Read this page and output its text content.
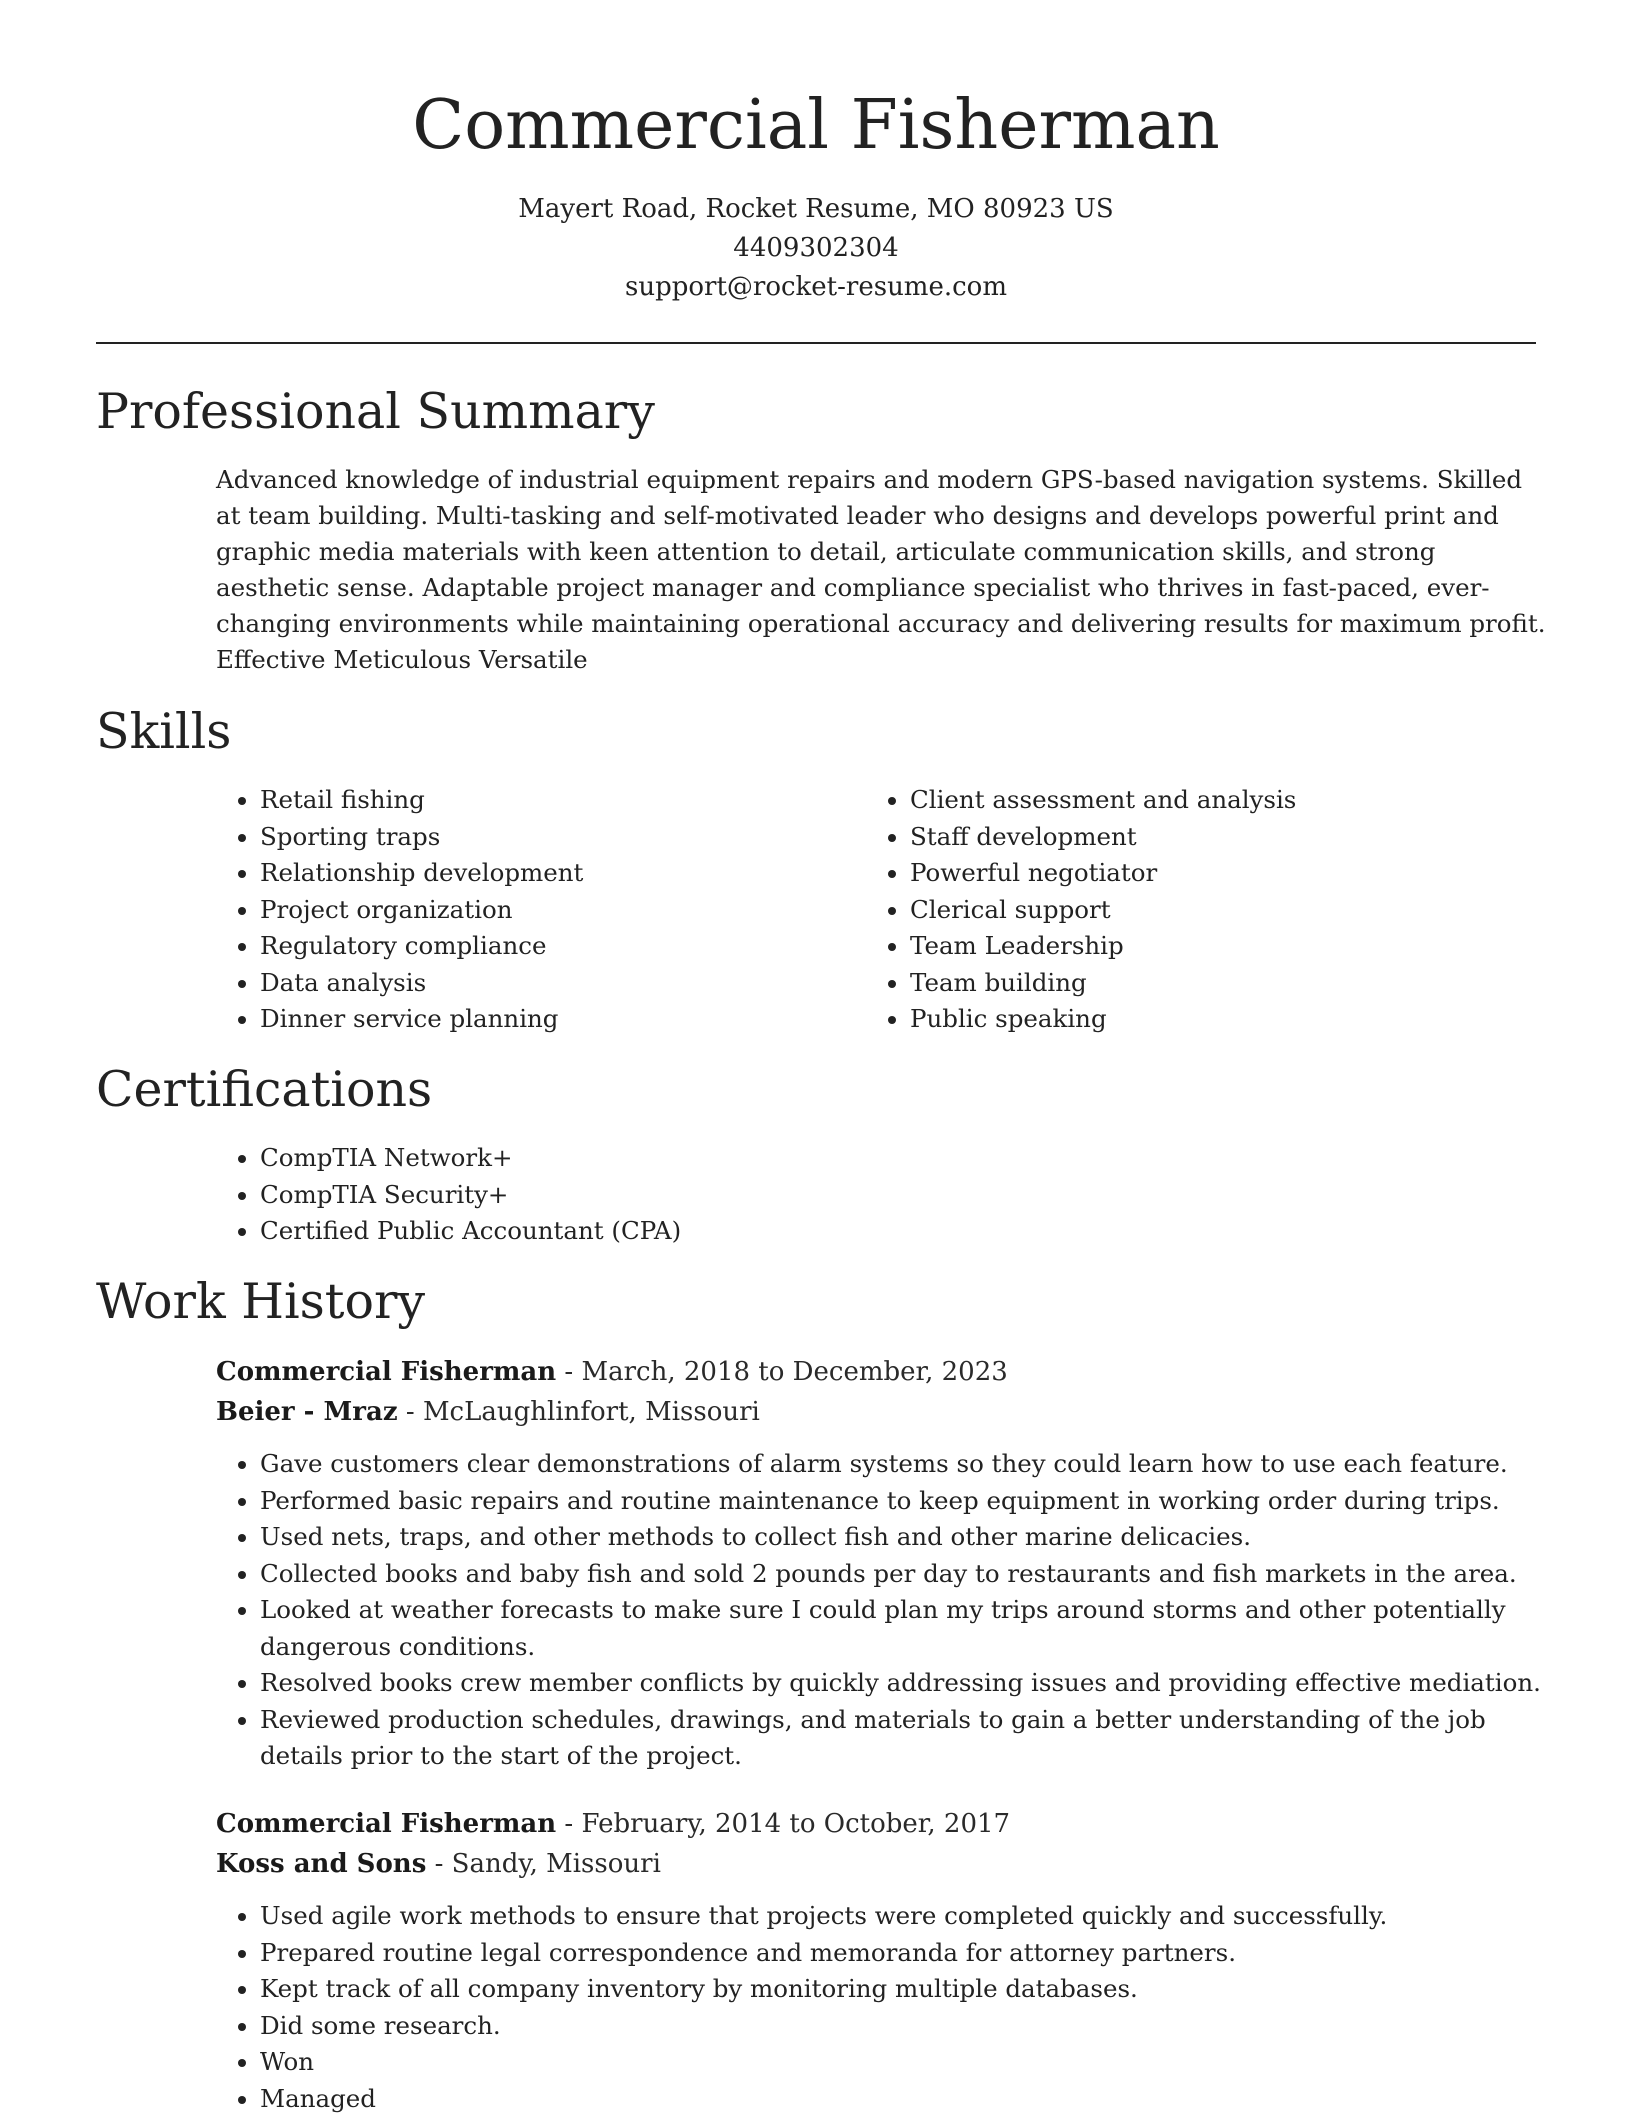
Commercial Fisherman
Mayert Road, Rocket Resume, MO 80923 US
4409302304
support@rocket-resume.com
Professional Summary

Advanced knowledge of industrial equipment repairs and modern GPS-based navigation systems. Skilled at team building. Multi-tasking and self-motivated leader who designs and develops powerful print and graphic media materials with keen attention to detail, articulate communication skills, and strong aesthetic sense. Adaptable project manager and compliance specialist who thrives in fast-paced, ever-changing environments while maintaining operational accuracy and delivering results for maximum profit. Effective Meticulous Versatile

Skills
• Retail fishing
• Sporting traps
• Relationship development
• Project organization
• Regulatory compliance
• Data analysis
• Dinner service planning
• Client assessment and analysis
• Staff development
• Powerful negotiator
• Clerical support
• Team Leadership
• Team building
• Public speaking
Certifications
• CompTIA Network+
• CompTIA Security+
• Certified Public Accountant (CPA)
Work History
Commercial Fisherman - March, 2018 to December, 2023
Beier - Mraz - McLaughlinfort, Missouri
• Gave customers clear demonstrations of alarm systems so they could learn how to use each feature.
• Performed basic repairs and routine maintenance to keep equipment in working order during trips.
• Used nets, traps, and other methods to collect fish and other marine delicacies.
• Collected books and baby fish and sold 2 pounds per day to restaurants and fish markets in the area.
• Looked at weather forecasts to make sure I could plan my trips around storms and other potentially dangerous conditions.
• Resolved books crew member conflicts by quickly addressing issues and providing effective mediation.
• Reviewed production schedules, drawings, and materials to gain a better understanding of the job details prior to the start of the project.
Commercial Fisherman - February, 2014 to October, 2017
Koss and Sons - Sandy, Missouri
• Used agile work methods to ensure that projects were completed quickly and successfully.
• Prepared routine legal correspondence and memoranda for attorney partners.
• Kept track of all company inventory by monitoring multiple databases.
• Did some research.
• Won
• Managed
